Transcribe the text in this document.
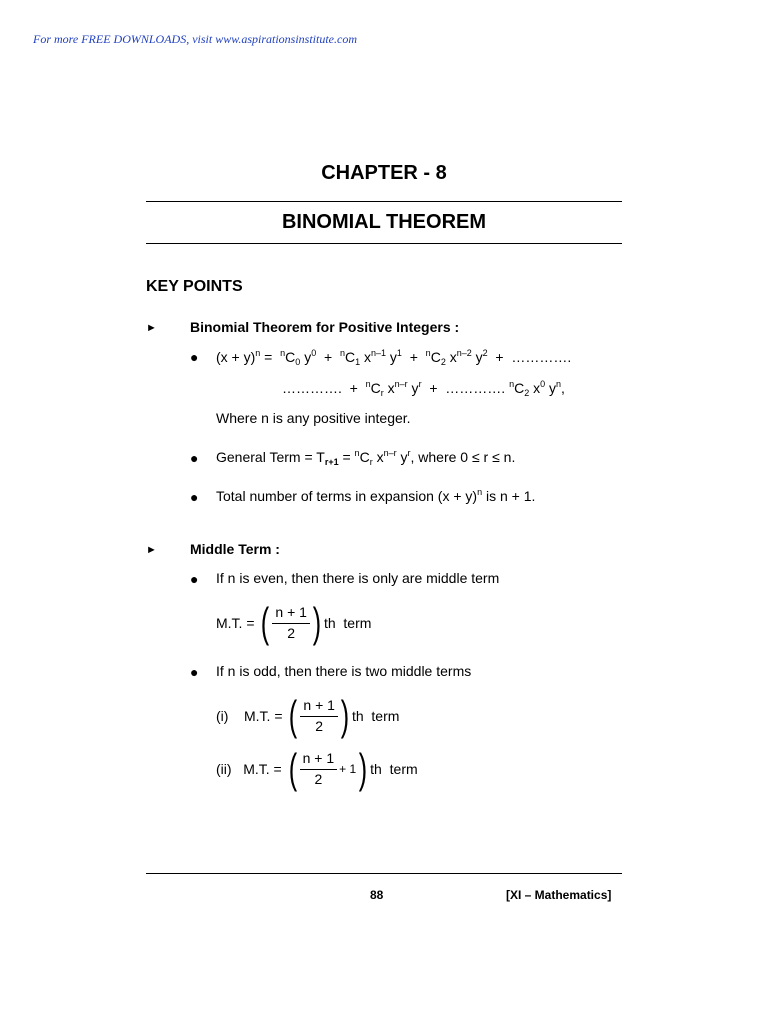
For more FREE DOWNLOADS, visit www.aspirationsinstitute.com
CHAPTER - 8
BINOMIAL THEOREM
KEY POINTS
► Binomial Theorem for Positive Integers :
● $(x + y)^n = ^nC_0$ $y^0 + ^nC_1$ $x^{n-1}$ $y^1 + ^nC_2$ $x^{n-2}$ $y^2$  +  ………….
………….  +  $^nC_r$ $x^{n-r}$ $y^r$  +  …………. $^nC_2$ $x^0$ $y^n$,
Where n is any positive integer.
● General Term = $T_{r+1} = ^nC_r$ $x^{n-r}$ $y^r$, where 0 ≤ r ≤ n.
● Total number of terms in expansion $(x + y)^n$ is n + 1.
► Middle Term :
● If n is even, then there is only are middle term
M.T. =
( $\frac{n + 1}{2}$ ) th
term
● If n is odd, then there is two middle terms
(i)
M.T. =
( $\frac{n + 1}{2}$ ) th
term
(ii)
M.T. =
( $\frac{n + 1}{2} + 1$ ) th
term
88	[XI – Mathematics]
